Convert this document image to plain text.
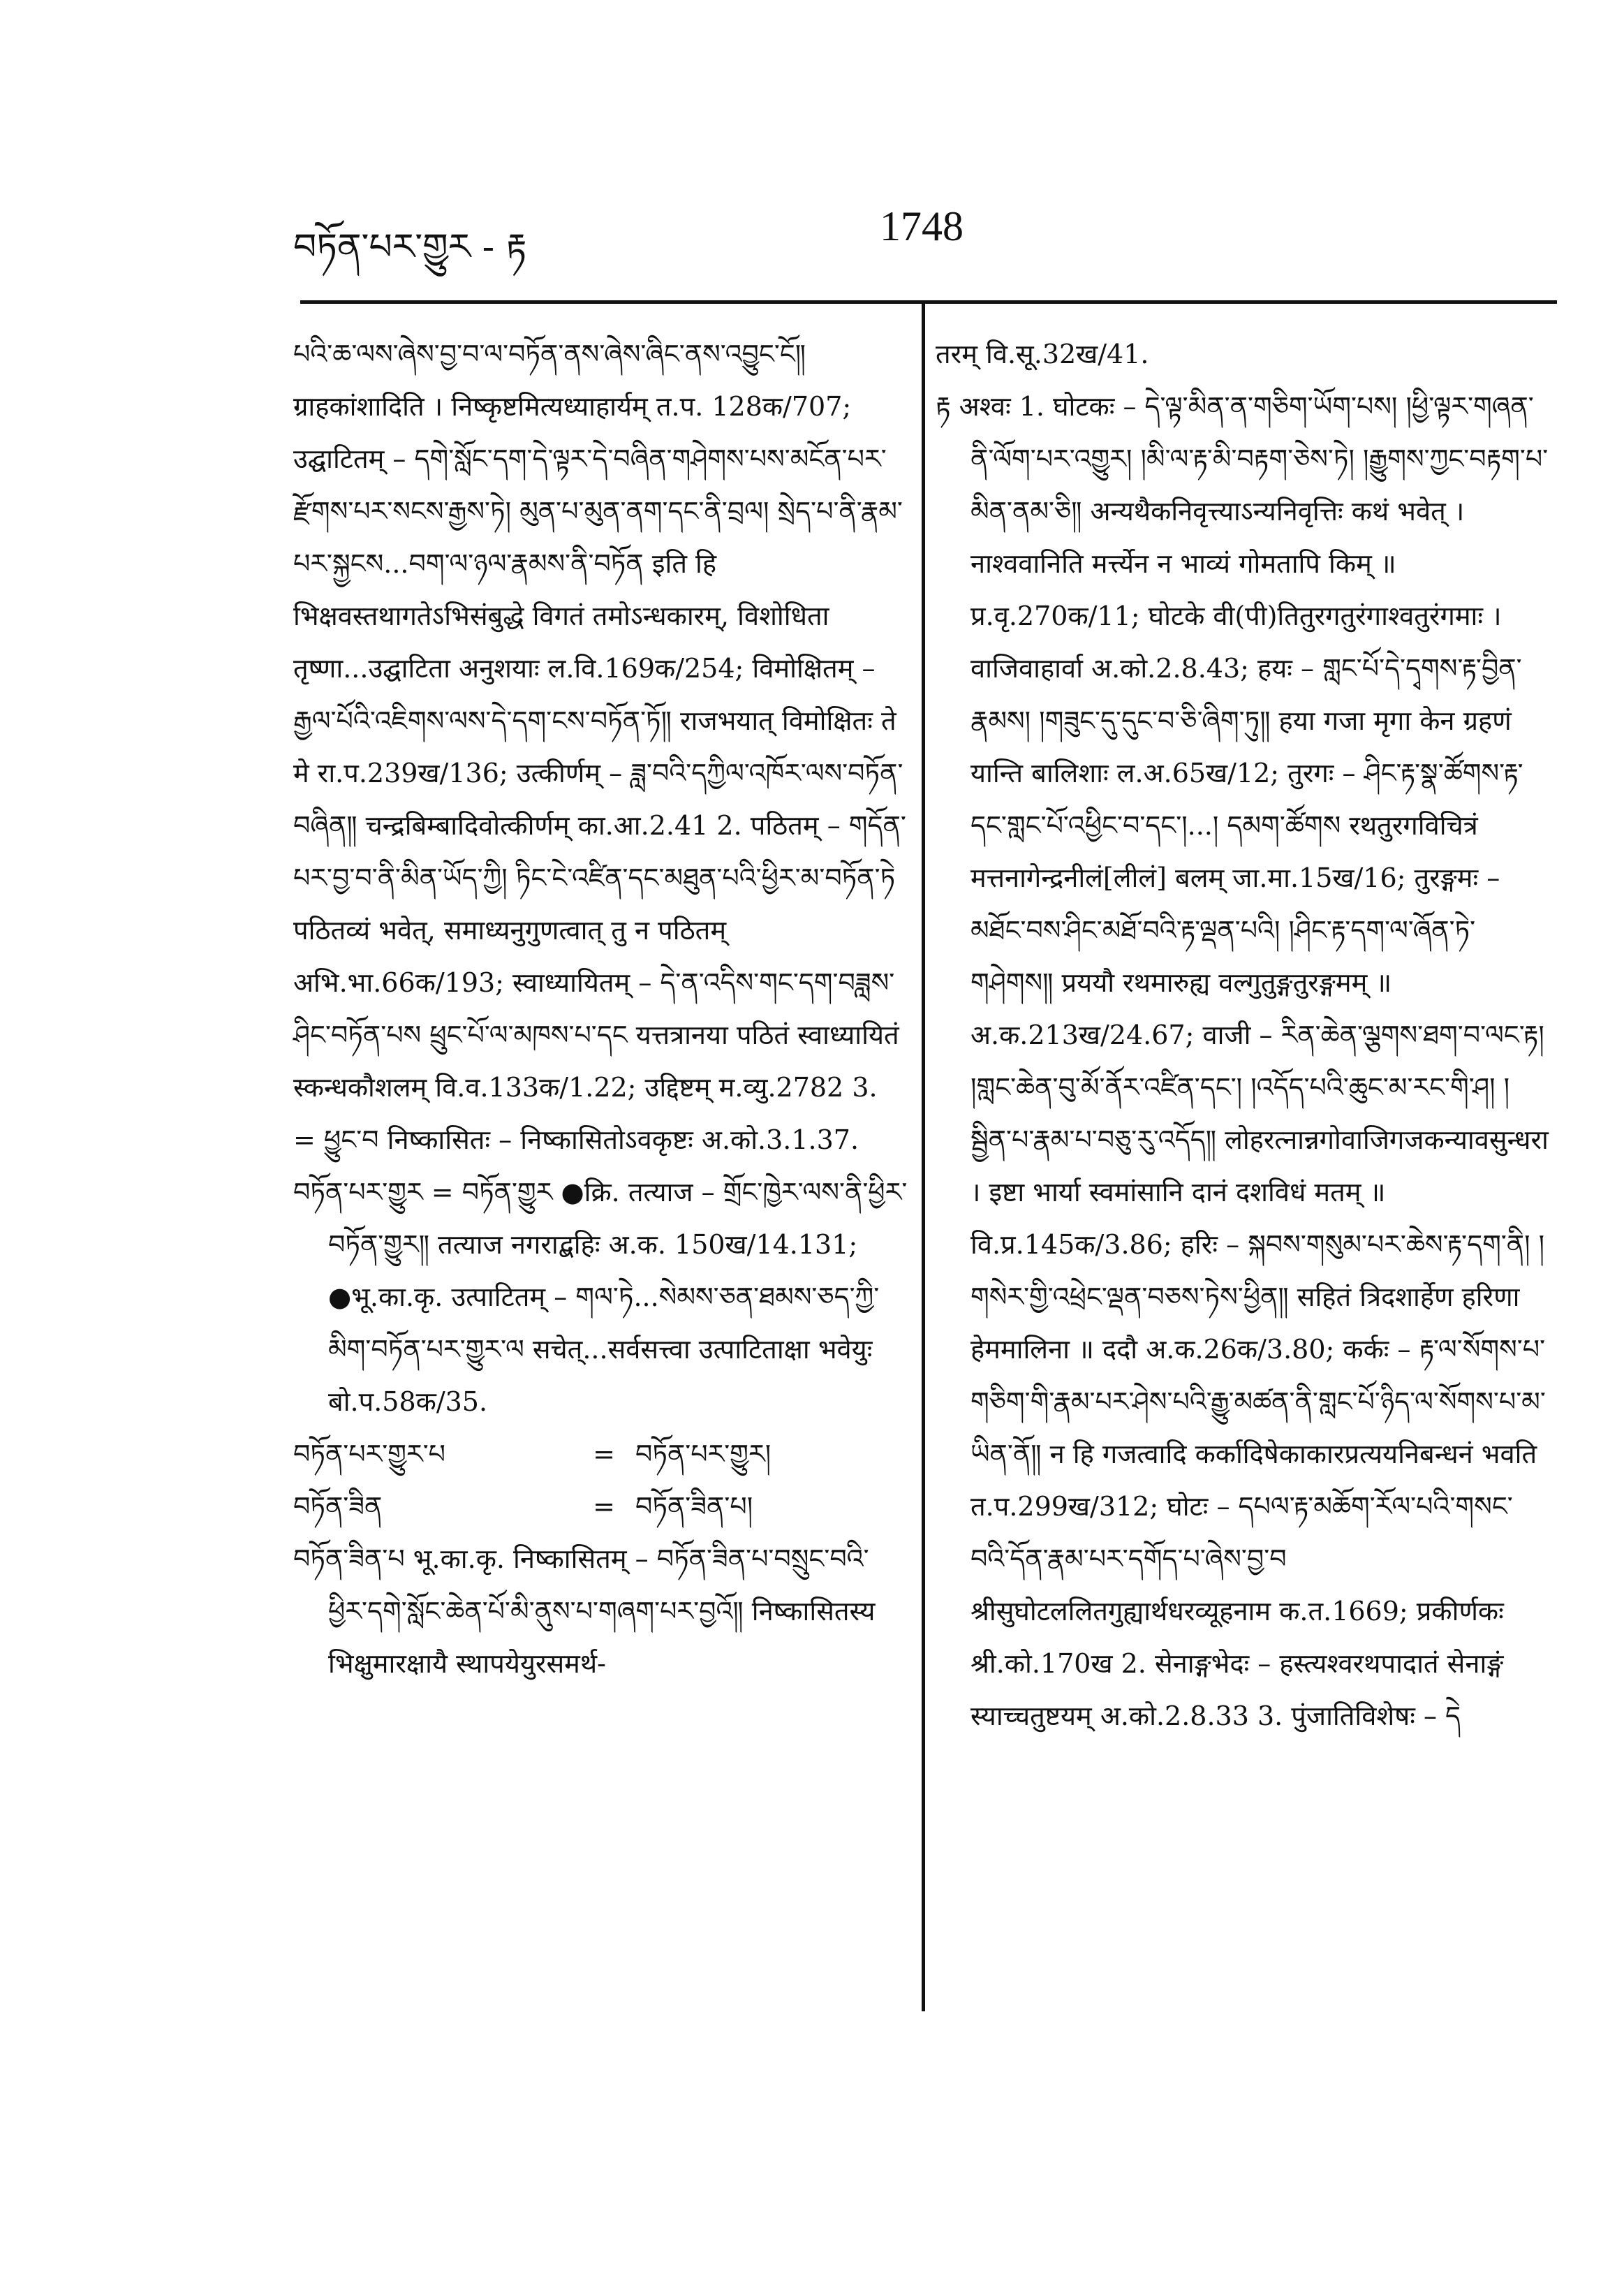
བཏོན་པར་གྱུར - རྟ	1748

པའི་ཆ་ལས་ཞེས་བྱ་བ་ལ་བཏོན་ནས་ཞེས་ཞིང་ནས་འབྱུང་ངོ༎ ग्राहकांशादिति । निष्कृष्टमित्यध्याहार्यम् त.प. 128क/707; उद्घाटितम् – དགེ་སློང་དག་དེ་ལྟར་དེ་བཞིན་གཤེགས་པས་མངོན་པར་རྫོགས་པར་སངས་རྒྱས་ཏེ། མུན་པ་མུན་ནག་དང་ནི་བྲལ། སྲེད་པ་ནི་རྣམ་པར་སྐྱངས...བག་ལ་ཉལ་རྣམས་ནི་བཏོན इति हि भिक्षवस्तथागतेऽभिसंबुद्धे विगतं तमोऽन्धकारम्, विशोधिता तृष्णा...उद्घाटिता अनुशयाः ल.वि.169क/254; विमोक्षितम् – རྒྱལ་པོའི་འཇིགས་ལས་དེ་དག་ངས་བཏོན་ཏོ༎ राजभयात् विमोक्षितः ते मे रा.प.239ख/136; उत्कीर्णम् – ཟླ་བའི་དཀྱིལ་འཁོར་ལས་བཏོན་བཞིན༎ चन्द्रबिम्बादिवोत्कीर्णम् का.आ.2.41 2. पठितम् – གདོན་པར་བྱ་བ་ནི་མིན་ཡོད་ཀྱི། ཏིང་ངེ་འཛིན་དང་མཐུན་པའི་ཕྱིར་མ་བཏོན་ཏེ पठितव्यं भवेत्, समाध्यनुगुणत्वात् तु न पठितम् अभि.भा.66क/193; स्वाध्यायितम् – དེ་ན་འདིས་གང་དག་བཟླས་ཤིང་བཏོན་པས ཕྲུང་པོ་ལ་མཁས་པ་དང यत्तत्रानया पठितं स्वाध्यायितं स्कन्धकौशलम् वि.व.133क/1.22; उद्दिष्टम् म.व्यु.2782 3. = ཕྱུང་བ निष्कासितः – निष्कासितोऽवकृष्टः अ.को.3.1.37.

བཏོན་པར་གྱུར = བཏོན་གྱུར ●क्रि. तत्याज – གྲོང་ཁྱེར་ལས་ནི་ཕྱིར་བཏོན་གྱུར༎ तत्याज नगराद्बहिः अ.क. 150ख/14.131; ●भू.का.कृ. उत्पाटितम् – གལ་ཏེ...སེམས་ཅན་ཐམས་ཅད་ཀྱི་མིག་བཏོན་པར་གྱུར་ལ सचेत्...सर्वसत्त्वा उत्पाटिताक्षा भवेयुः बो.प.58क/35.

བཏོན་པར་གྱུར་པ	= བཏོན་པར་གྱུར།
བཏོན་ཟིན	= བཏོན་ཟིན་པ།

བཏོན་ཟིན་པ भू.का.कृ. निष्कासितम् – བཏོན་ཟིན་པ་བསྲུང་བའི་ཕྱིར་དགེ་སློང་ཆེན་པོ་མི་ནུས་པ་གཞག་པར་བྱའོ༎ निष्कासितस्य भिक्षुमारक्षायै स्थापयेयुरसमर्थ-

तरम् वि.सू.32ख/41.

རྟ अश्वः 1. घोटकः – དེ་ལྟ་མིན་ན་གཅིག་ཡོག་པས། །ཕྱི་ལྟར་གཞན་ནི་ལོག་པར་འགྱུར། །མི་ལ་རྟ་མི་བརྟག་ཅེས་ཏེ། །རྒྱུགས་ཀྱང་བརྟག་པ་མིན་ནམ་ཅི༎ अन्यथैकनिवृत्त्याऽन्यनिवृत्तिः कथं भवेत् । नाश्ववानिति मर्त्त्येन न भाव्यं गोमतापि किम् ॥ प्र.वृ.270क/11; घोटके वी(पी)तितुरगतुरंगाश्वतुरंगमाः । वाजिवाहार्वा अ.को.2.8.43; हयः – གླང་པོ་དེ་དྭགས་རྟ་བྱིན་རྣམས། །གཟུང་དུ་དུང་བ་ཅི་ཞིག་ཏུ༎ हया गजा मृगा केन ग्रहणं यान्ति बालिशाः ल.अ.65ख/12; तुरगः – ཤིང་རྟ་སྣ་ཚོགས་རྟ་དང་གླང་པོ་འཕྱིང་བ་དང་།...། དམག་ཚོགས रथतुरगविचित्रं मत्तनागेन्द्रनीलं[लीलं] बलम् जा.मा.15ख/16; तुरङ्गमः – མཐོང་བས་ཤིང་མཐོ་བའི་རྟ་ལྡན་པའི། །ཤིང་རྟ་དག་ལ་ཞོན་ཏེ་གཤེགས༎ प्रययौ रथमारुह्य वल्गुतुङ्गतुरङ्गमम् ॥ अ.क.213ख/24.67; वाजी – རིན་ཆེན་ལྕགས་ཐག་བ་ལང་རྟ། །གླང་ཆེན་བུ་མོ་ནོར་འཛིན་དང་། །འདོད་པའི་ཆུང་མ་རང་གི་ཤ། །སྦྱིན་པ་རྣམ་པ་བཅུ་རུ་འདོད༎ लोहरत्नान्नगोवाजिगजकन्यावसुन्धरा । इष्टा भार्या स्वमांसानि दानं दशविधं मतम् ॥ वि.प्र.145क/3.86; हरिः – སྐབས་གསུམ་པར་ཆེས་རྟ་དག་ནི། །གསེར་གྱི་འཕྲེང་ལྡན་བཅས་ཏེས་ཕྱིན༎ सहितं त्रिदशार्हेण हरिणा हेममालिना ॥ ददौ अ.क.26क/3.80; कर्कः – རྟ་ལ་སོགས་པ་གཅིག་གི་རྣམ་པར་ཤེས་པའི་རྒྱུ་མཚན་ནི་གླང་པོ་ཉིད་ལ་སོགས་པ་མ་ཡིན་ནོ༎ न हि गजत्वादि कर्कादिषेकाकारप्रत्ययनिबन्धनं भवति त.प.299ख/312; घोटः – དཔལ་རྟ་མཆོག་རོལ་པའི་གསང་བའི་དོན་རྣམ་པར་དགོད་པ་ཞེས་བྱ་བ श्रीसुघोटललितगुह्यार्थधरव्यूहनाम क.त.1669; प्रकीर्णकः श्री.को.170ख 2. सेनाङ्गभेदः – हस्त्यश्वरथपादातं सेनाङ्गं स्याच्चतुष्टयम् अ.को.2.8.33 3. पुंजातिविशेषः – དེ
